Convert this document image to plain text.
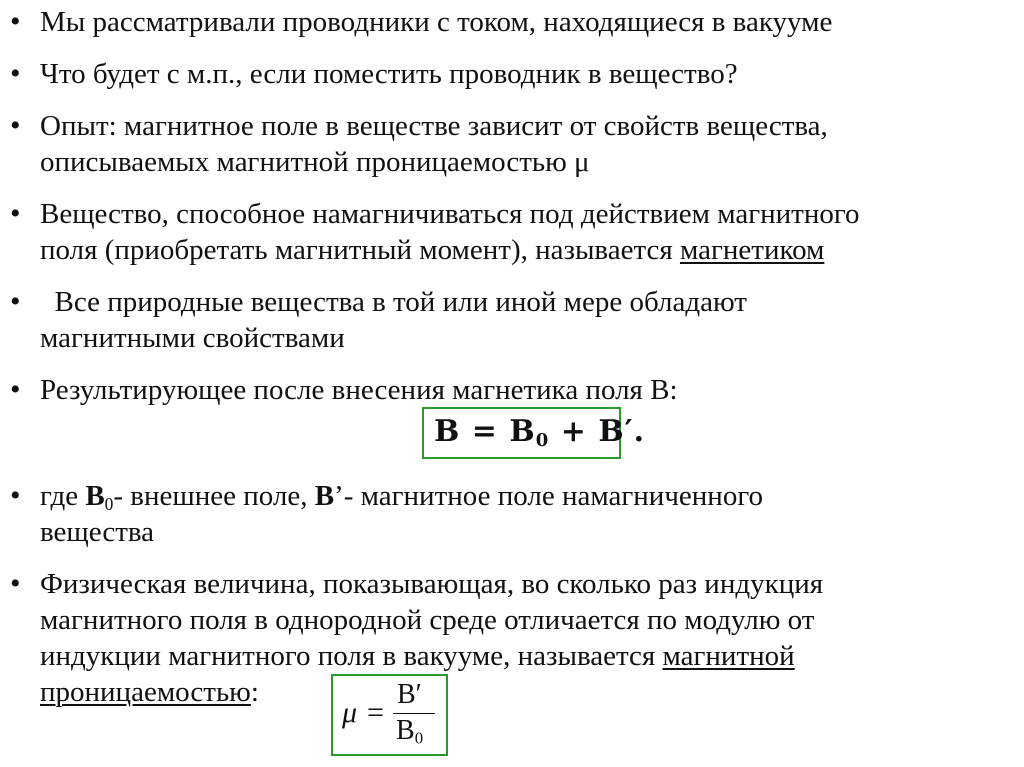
• Мы рассматривали проводники с током, находящиеся в вакууме
• Что будет с м.п., если поместить проводник в вещество?
• Опыт: магнитное поле в веществе зависит от свойств вещества,
описываемых магнитной проницаемостью μ
• Вещество, способное намагничиваться под действием магнитного
поля (приобретать магнитный момент), называется магнетиком
• Все природные вещества в той или иной мере обладают
магнитными свойствами
• Результирующее после внесения магнетика поля B:
$B = B_0 + B'$.
• где $B_0-$ внешнее поле, B’- магнитное поле намагниченного
вещества
• Физическая величина, показывающая, во сколько раз индукция
магнитного поля в однородной среде отличается по модулю от
индукции магнитного поля в вакууме, называется магнитной
проницаемостью:
μ =
B′
$B_0$
